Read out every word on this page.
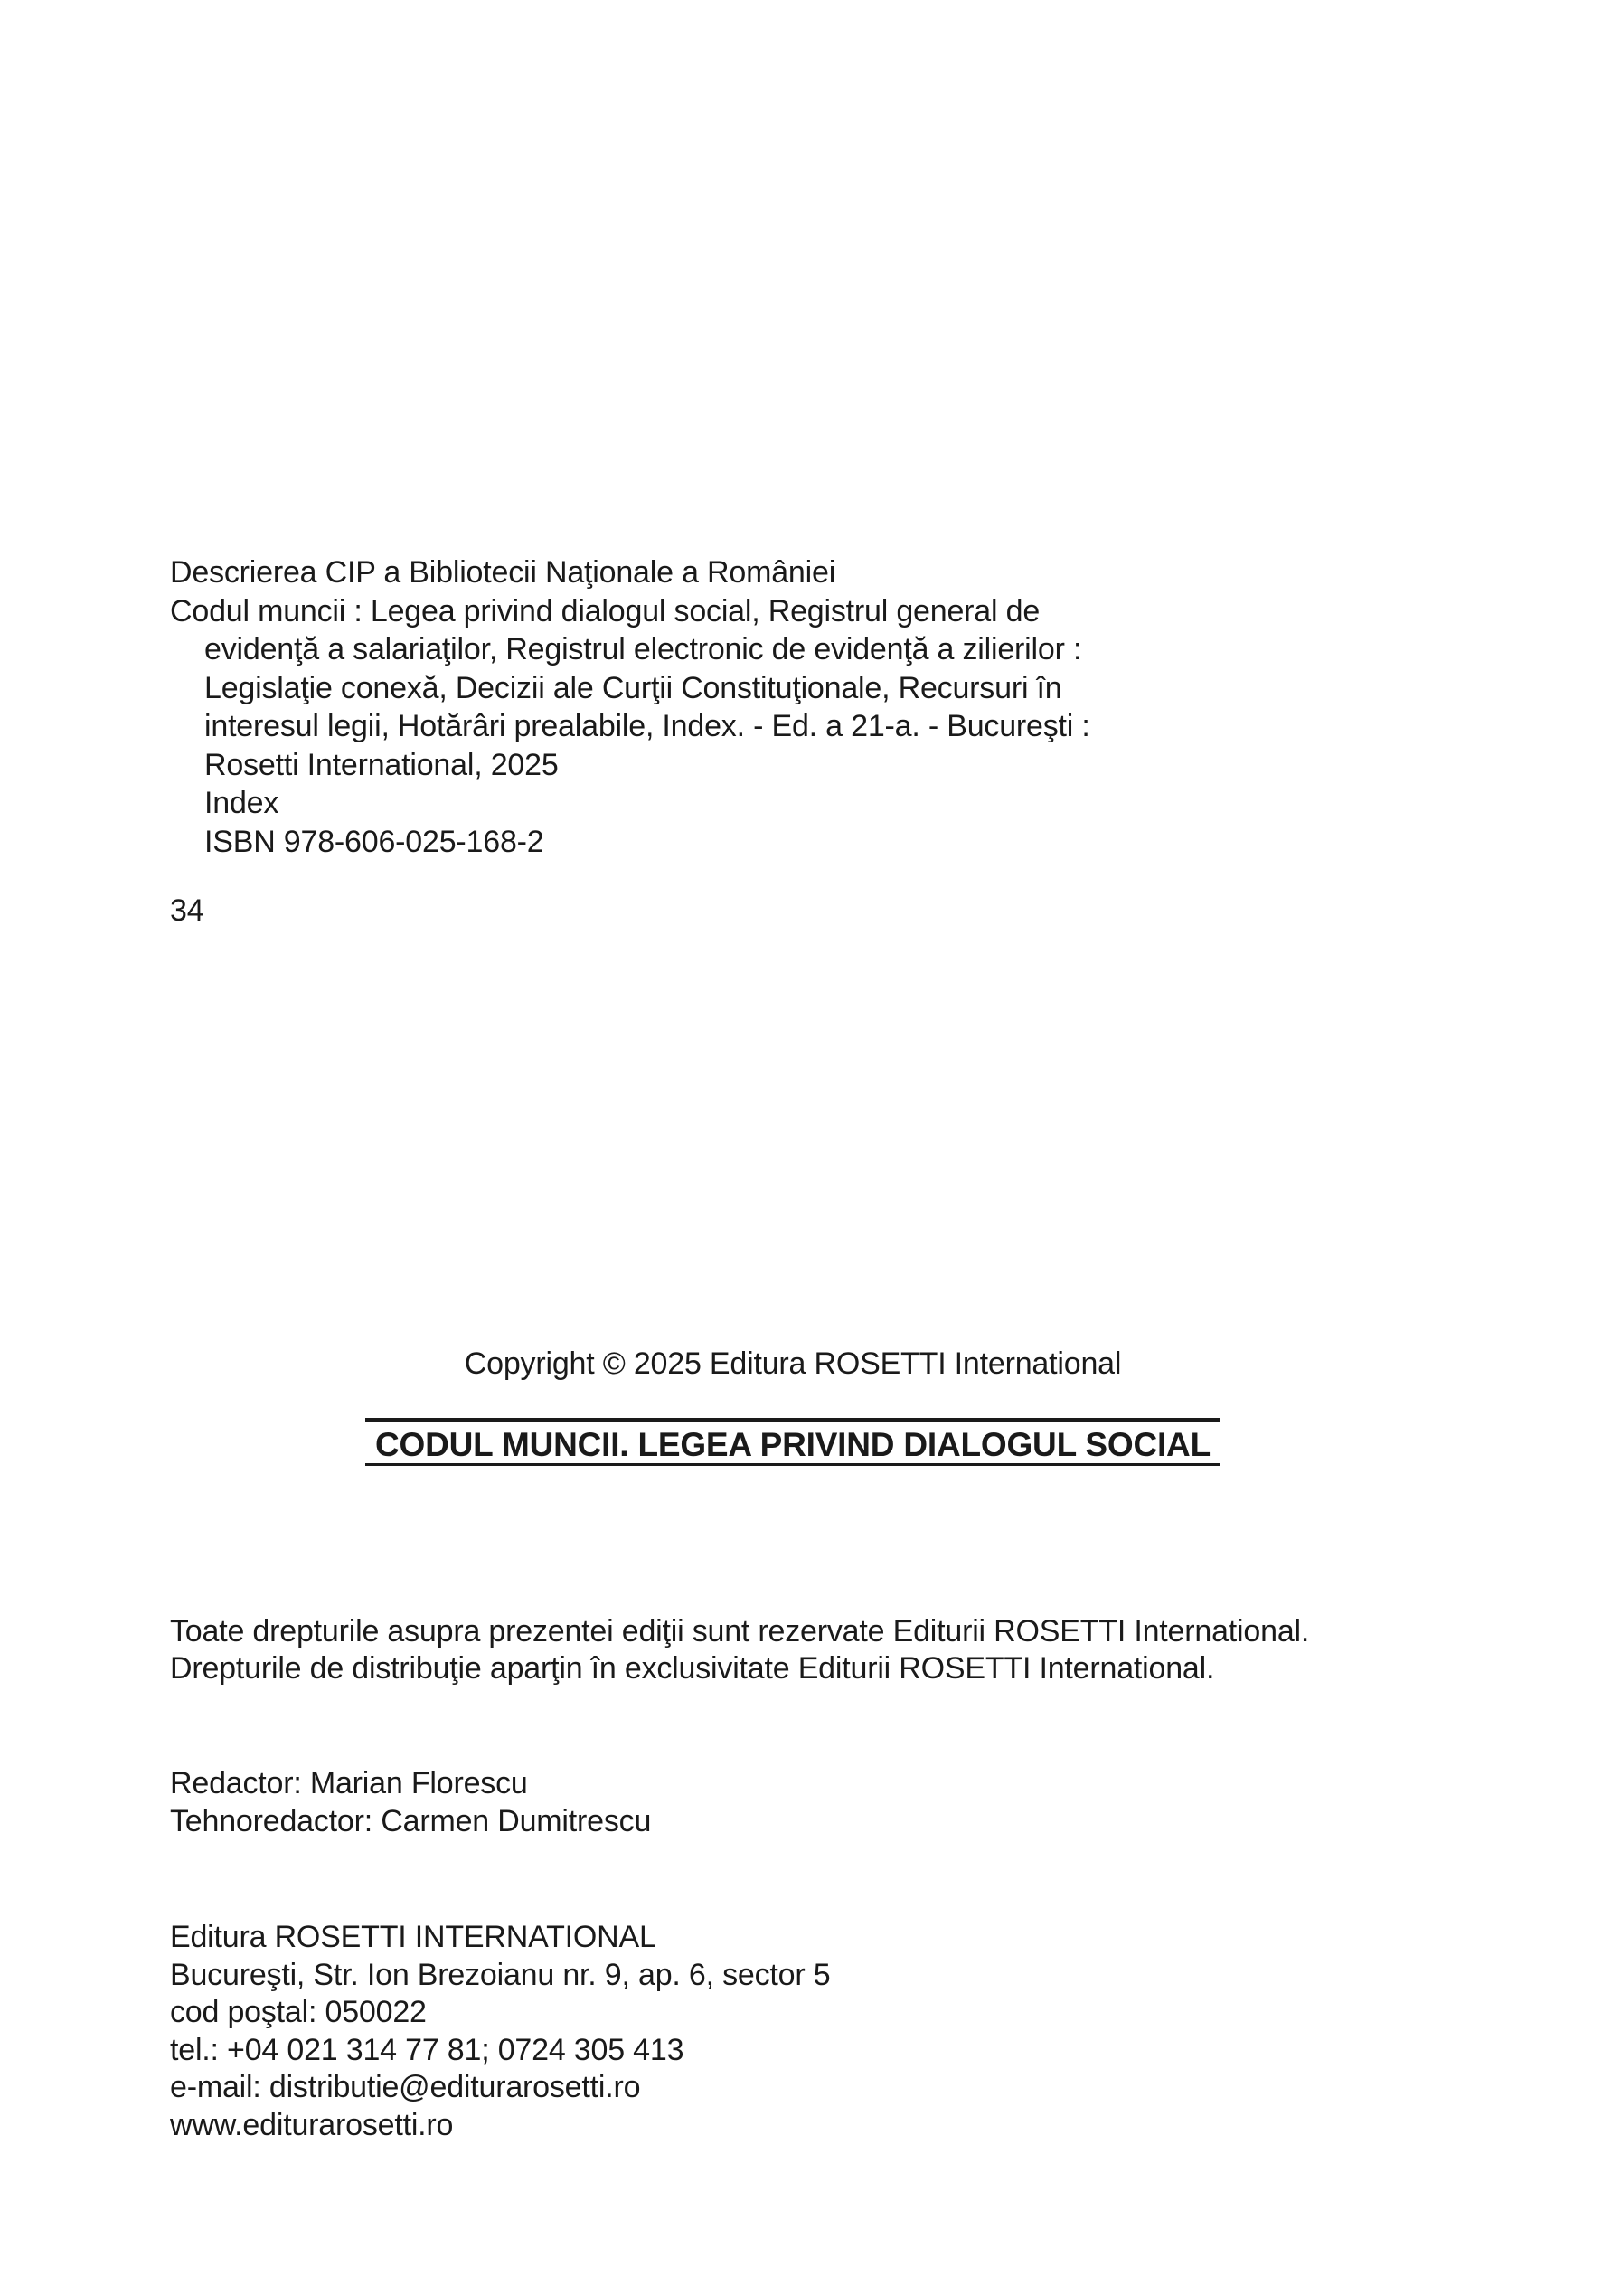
Descrierea CIP a Bibliotecii Naţionale a României
Codul muncii : Legea privind dialogul social, Registrul general de
evidenţă a salariaţilor, Registrul electronic de evidenţă a zilierilor :
Legislaţie conexă, Decizii ale Curţii Constituţionale, Recursuri în
interesul legii, Hotărâri prealabile, Index. - Ed. a 21-a. - Bucureşti :
Rosetti International, 2025
Index
ISBN 978-606-025-168-2
34
Copyright © 2025 Editura ROSETTI International
CODUL MUNCII. LEGEA PRIVIND DIALOGUL SOCIAL
Toate drepturile asupra prezentei ediţii sunt rezervate Editurii ROSETTI International.
Drepturile de distribuţie aparţin în exclusivitate Editurii ROSETTI International.
Redactor: Marian Florescu
Tehnoredactor: Carmen Dumitrescu
Editura ROSETTI INTERNATIONAL
Bucureşti, Str. Ion Brezoianu nr. 9, ap. 6, sector 5
cod poştal: 050022
tel.: +04 021 314 77 81; 0724 305 413
e-mail: distributie@editurarosetti.ro
www.editurarosetti.ro
